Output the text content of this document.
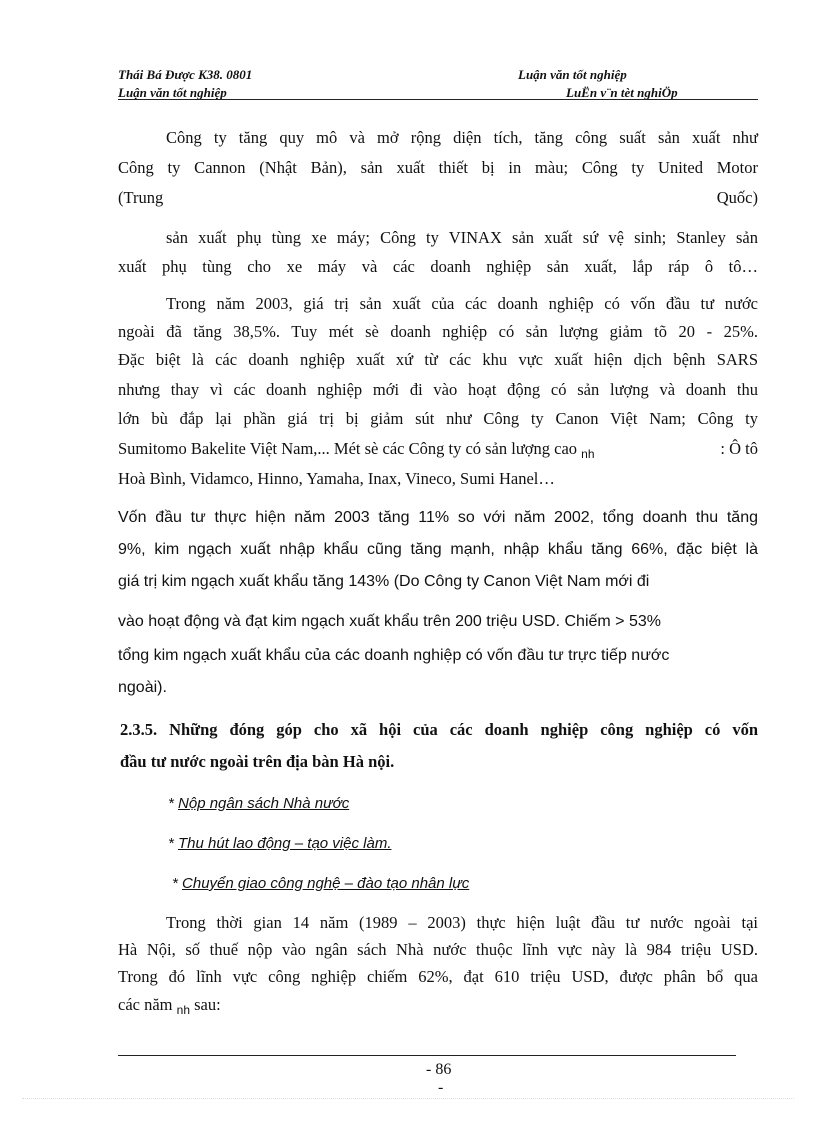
Thái Bá Được K38. 0801	Luận văn tốt nghiệp
Luận văn tốt nghiệp	LuËn v¨n tèt nghiÖp
Công ty tăng quy mô và mở rộng diện tích, tăng công suất sản xuất như
Công ty Cannon (Nhật Bản), sản xuất thiết bị in màu; Công ty United Motor
(Trung	Quốc)
sản xuất phụ tùng xe máy; Công ty VINAX sản xuất sứ vệ sinh; Stanley sản
xuất phụ tùng cho xe máy và các doanh nghiệp sản xuất, lắp ráp ô tô…
Trong năm 2003, giá trị sản xuất của các doanh nghiệp có vốn đầu tư nước
ngoài đã tăng 38,5%. Tuy mét sè doanh nghiệp có sản lượng giảm tõ 20 - 25%.
Đặc biệt là các doanh nghiệp xuất xứ từ các khu vực xuất hiện dịch bệnh SARS
nhưng thay vì các doanh nghiệp mới đi vào hoạt động có sản lượng và doanh thu
lớn bù đắp lại phần giá trị bị giảm sút như Công ty Canon Việt Nam; Công ty
Sumitomo Bakelite Việt Nam,... Mét sè các Công ty có sản lượng cao $_{nh}$	: Ô tô
Hoà Bình, Vidamco, Hinno, Yamaha, Inax, Vineco, Sumi Hanel…
Vốn đầu tư thực hiện năm 2003 tăng 11% so với năm 2002, tổng doanh thu tăng
9%, kim ngạch xuất nhập khẩu cũng tăng mạnh, nhập khẩu tăng 66%, đặc biệt là
giá trị kim ngạch xuất khẩu tăng 143% (Do Công ty Canon Việt Nam mới đi
vào hoạt động và đạt kim ngạch xuất khẩu trên 200 triệu USD. Chiếm > 53%
tổng kim ngạch xuất khẩu của các doanh nghiệp có vốn đầu tư trực tiếp nước
ngoài).
2.3.5. Những đóng góp cho xã hội của các doanh nghiệp công nghiệp có vốn
đầu tư nước ngoài trên địa bàn Hà nội.
* Nộp ngân sách Nhà nước
* Thu hút lao động – tạo việc làm.
* Chuyển giao công nghệ – đào tạo nhân lực
Trong thời gian 14 năm (1989 – 2003) thực hiện luật đầu tư nước ngoài tại
Hà Nội, số thuế nộp vào ngân sách Nhà nước thuộc lĩnh vực này là 984 triệu USD.
Trong đó lĩnh vực công nghiệp chiếm 62%, đạt 610 triệu USD, được phân bổ qua
các năm $_{nh}$ sau:
- 86
-
